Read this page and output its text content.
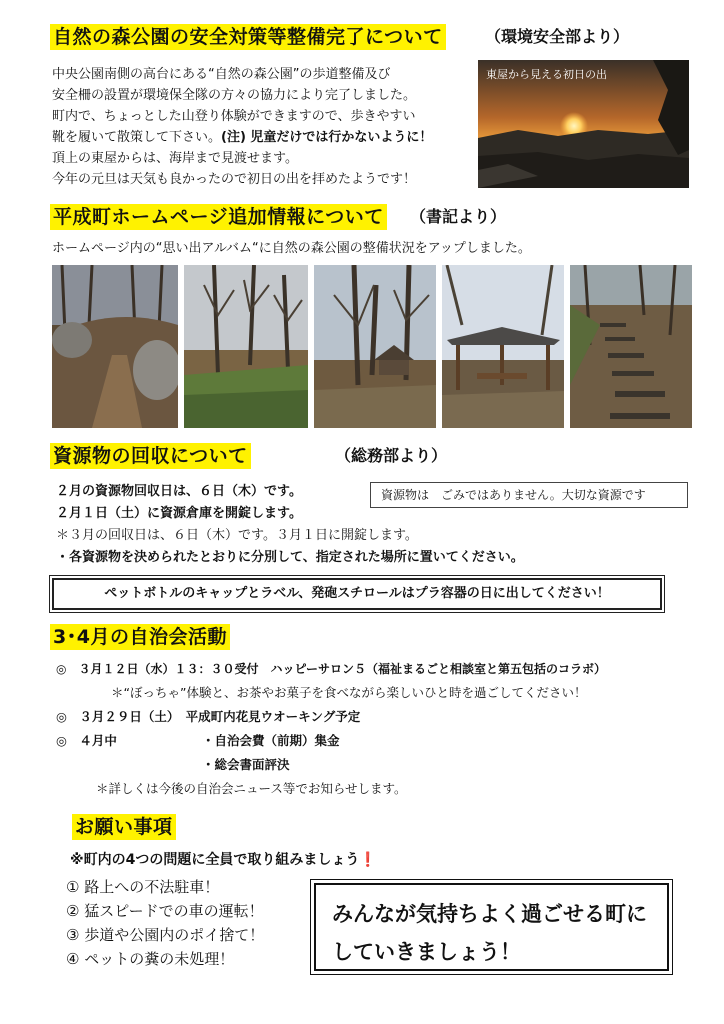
自然の森公園の安全対策等整備完了について	（環境安全部より）
中央公園南側の高台にある“自然の森公園”の歩道整備及び
安全柵の設置が環境保全隊の方々の協力により完了しました。
町内で、ちょっとした山登り体験ができますので、歩きやすい
靴を履いて散策して下さい。(注) 児童だけでは行かないように！
頂上の東屋からは、海岸まで見渡せます。
今年の元旦は天気も良かったので初日の出を拝めたようです！
東屋から見える初日の出
平成町ホームページ追加情報について （書記より）
ホームページ内の“思い出アルバム“に自然の森公園の整備状況をアップしました。
資源物の回収について	（総務部より）
２月の資源物回収日は、６日（木）です。
２月１日（土）に資源倉庫を開錠します。
＊３月の回収日は、６日（木）です。３月１日に開錠します。
・各資源物を決められたとおりに分別して、指定された場所に置いてください。
資源物は　ごみではありません。大切な資源です
ペットボトルのキャップとラベル、発砲スチロールはプラ容器の日に出してください！
3･4月の自治会活動
◎　３月１２日（水）１３：３０受付　ハッピーサロン５（福祉まるごと相談室と第五包括のコラボ）
＊“ぼっちゃ”体験と、お茶やお菓子を食べながら楽しいひと時を過ごしてください！
◎　３月２９日（土）　平成町内花見ウオーキング予定
◎　４月中	・自治会費（前期）集金
・総会書面評決
＊詳しくは今後の自治会ニュース等でお知らせします。
お願い事項
※町内の4つの問題に全員で取り組みましょう❗
① 路上への不法駐車！
② 猛スピードでの車の運転！
③ 歩道や公園内のポイ捨て！
④ ペットの糞の未処理！
みんなが気持ちよく過ごせる町に
していきましょう！
